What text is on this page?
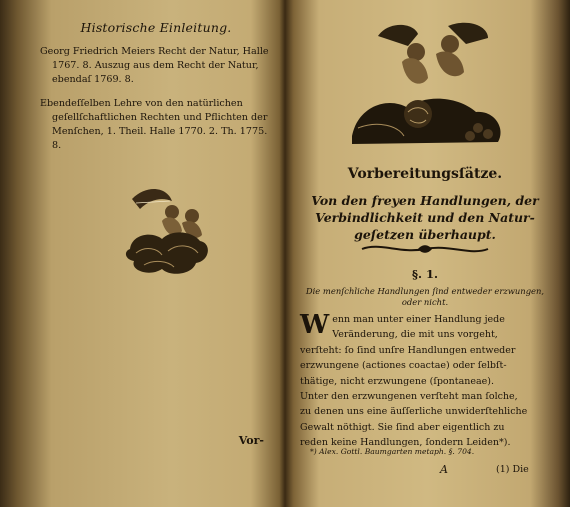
Historische Einleitung.

Georg Friedrich Meiers Recht der Natur, Halle 1767. 8. Auszug aus dem Recht der Natur, ebendaſ 1769. 8.

Ebendeſſelben Lehre von den natürlichen geſellſchaftlichen Rechten und Pflichten der Menſchen, 1. Theil. Halle 1770. 2. Th. 1775. 8.

Vor-
Vorbereitungsſätze.
Von den freyen Handlungen, der
Verbindlichkeit und den Natur-
geſetzen überhaupt.
§. 1.
Die menſchliche Handlungen ſind entweder erzwungen,
oder nicht.
W enn man unter einer Handlung jede
Veränderung, die mit uns vorgeht,
verſteht: ſo ſind unſre Handlungen entweder
erzwungene (actiones coactae) oder ſelbſt-
thätige, nicht erzwungene (ſpontaneae).
Unter den erzwungenen verſteht man ſolche,
zu denen uns eine äuſſerliche unwiderſtehliche
Gewalt nöthigt. Sie ſind aber eigentlich zu
reden keine Handlungen, ſondern Leiden*).
*) Alex. Gottl. Baumgarten metaph. §. 704.
A	(1) Die
